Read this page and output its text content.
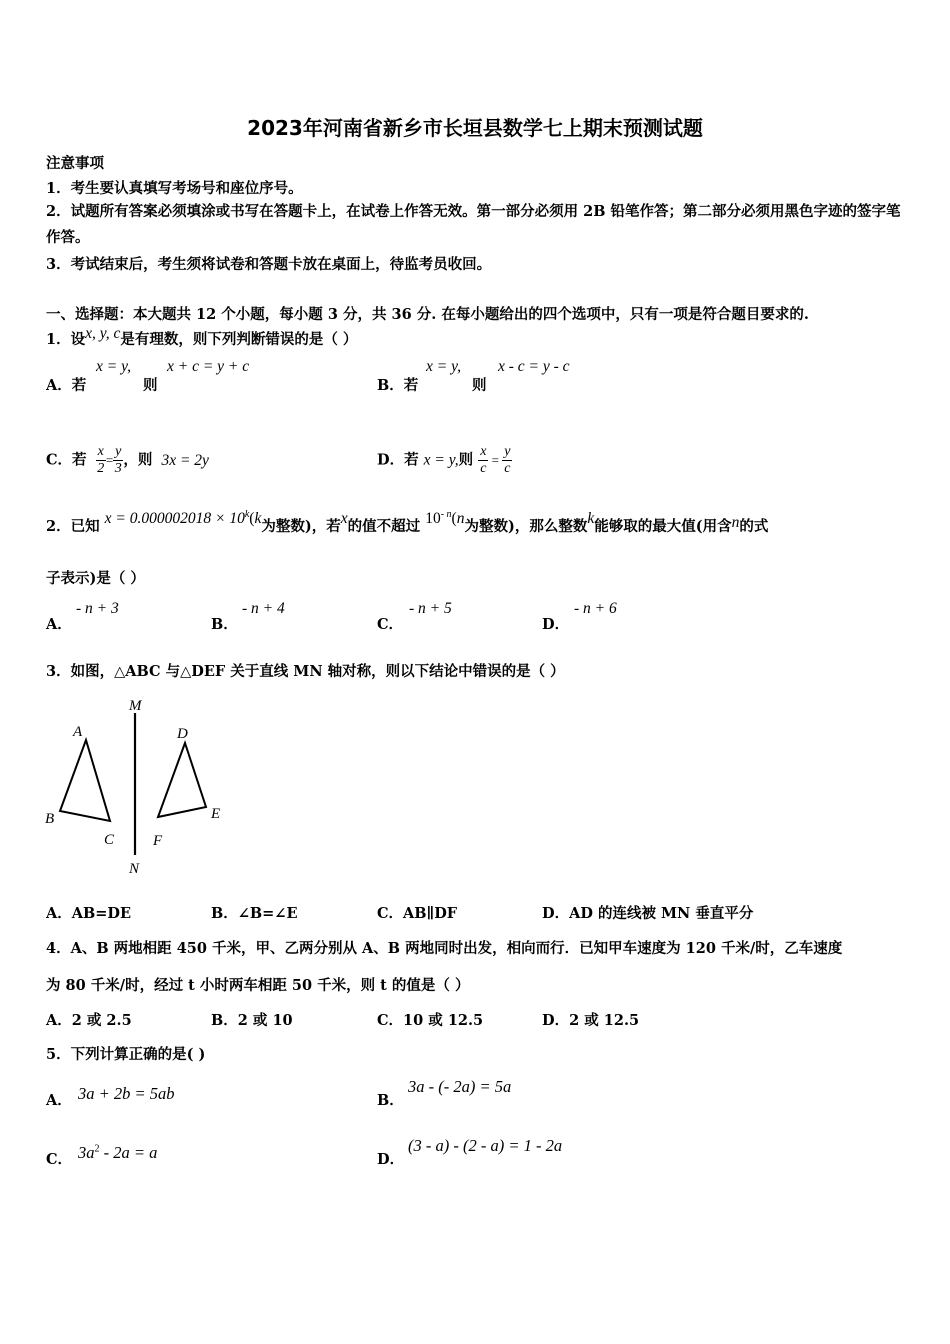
2023年河南省新乡市长垣县数学七上期末预测试题
注意事项
1．考生要认真填写考场号和座位序号。
2．试题所有答案必须填涂或书写在答题卡上，在试卷上作答无效。第一部分必须用 2B 铅笔作答；第二部分必须用黑色字迹的签字笔作答。
3．考试结束后，考生须将试卷和答题卡放在桌面上，待监考员收回。
一、选择题：本大题共 12 个小题，每小题 3 分，共 36 分. 在每小题给出的四个选项中，只有一项是符合题目要求的.
1．设x, y, c是有理数，则下列判断错误的是（ ）
A．若
x = y,
则
x + c = y + c
B．若
x = y,
则
x - c = y - c
C．若 $\frac{x}{2} = \frac{y}{3}$ ，则 3x = 2y	D．若 x = y,则 $\frac{x}{c} = \frac{y}{c}$
2．已知 $x = 0.000002018 \times 10^k(k$为整数)，若x的值不超过 $10^{- n}(n$为整数)，那么整数k能够取的最大值(用含n的式
子表示)是（ ）
A．
- n + 3
B．
- n + 4
C．
- n + 5
D．
- n + 6
3．如图，△ABC 与△DEF 关于直线 MN 轴对称，则以下结论中错误的是（ ）
M
N
A
B
C
D
E
F
A．AB=DE	B．∠B=∠E	C．AB∥DF	D．AD 的连线被 MN 垂直平分
4．A、B 两地相距 450 千米，甲、乙两分别从 A、B 两地同时出发，相向而行．已知甲车速度为 120 千米/时，乙车速度
为 80 千米/时，经过 t 小时两车相距 50 千米，则 t 的值是（ ）
A．2 或 2.5	B．2 或 10	C．10 或 12.5	D．2 或 12.5
5．下列计算正确的是( )
A． 3a + 2b = 5ab	B．
3a - (- 2a) = 5a
C． $3a^2 - 2a = a$	D．
(3 - a) - (2 - a) = 1 - 2a
